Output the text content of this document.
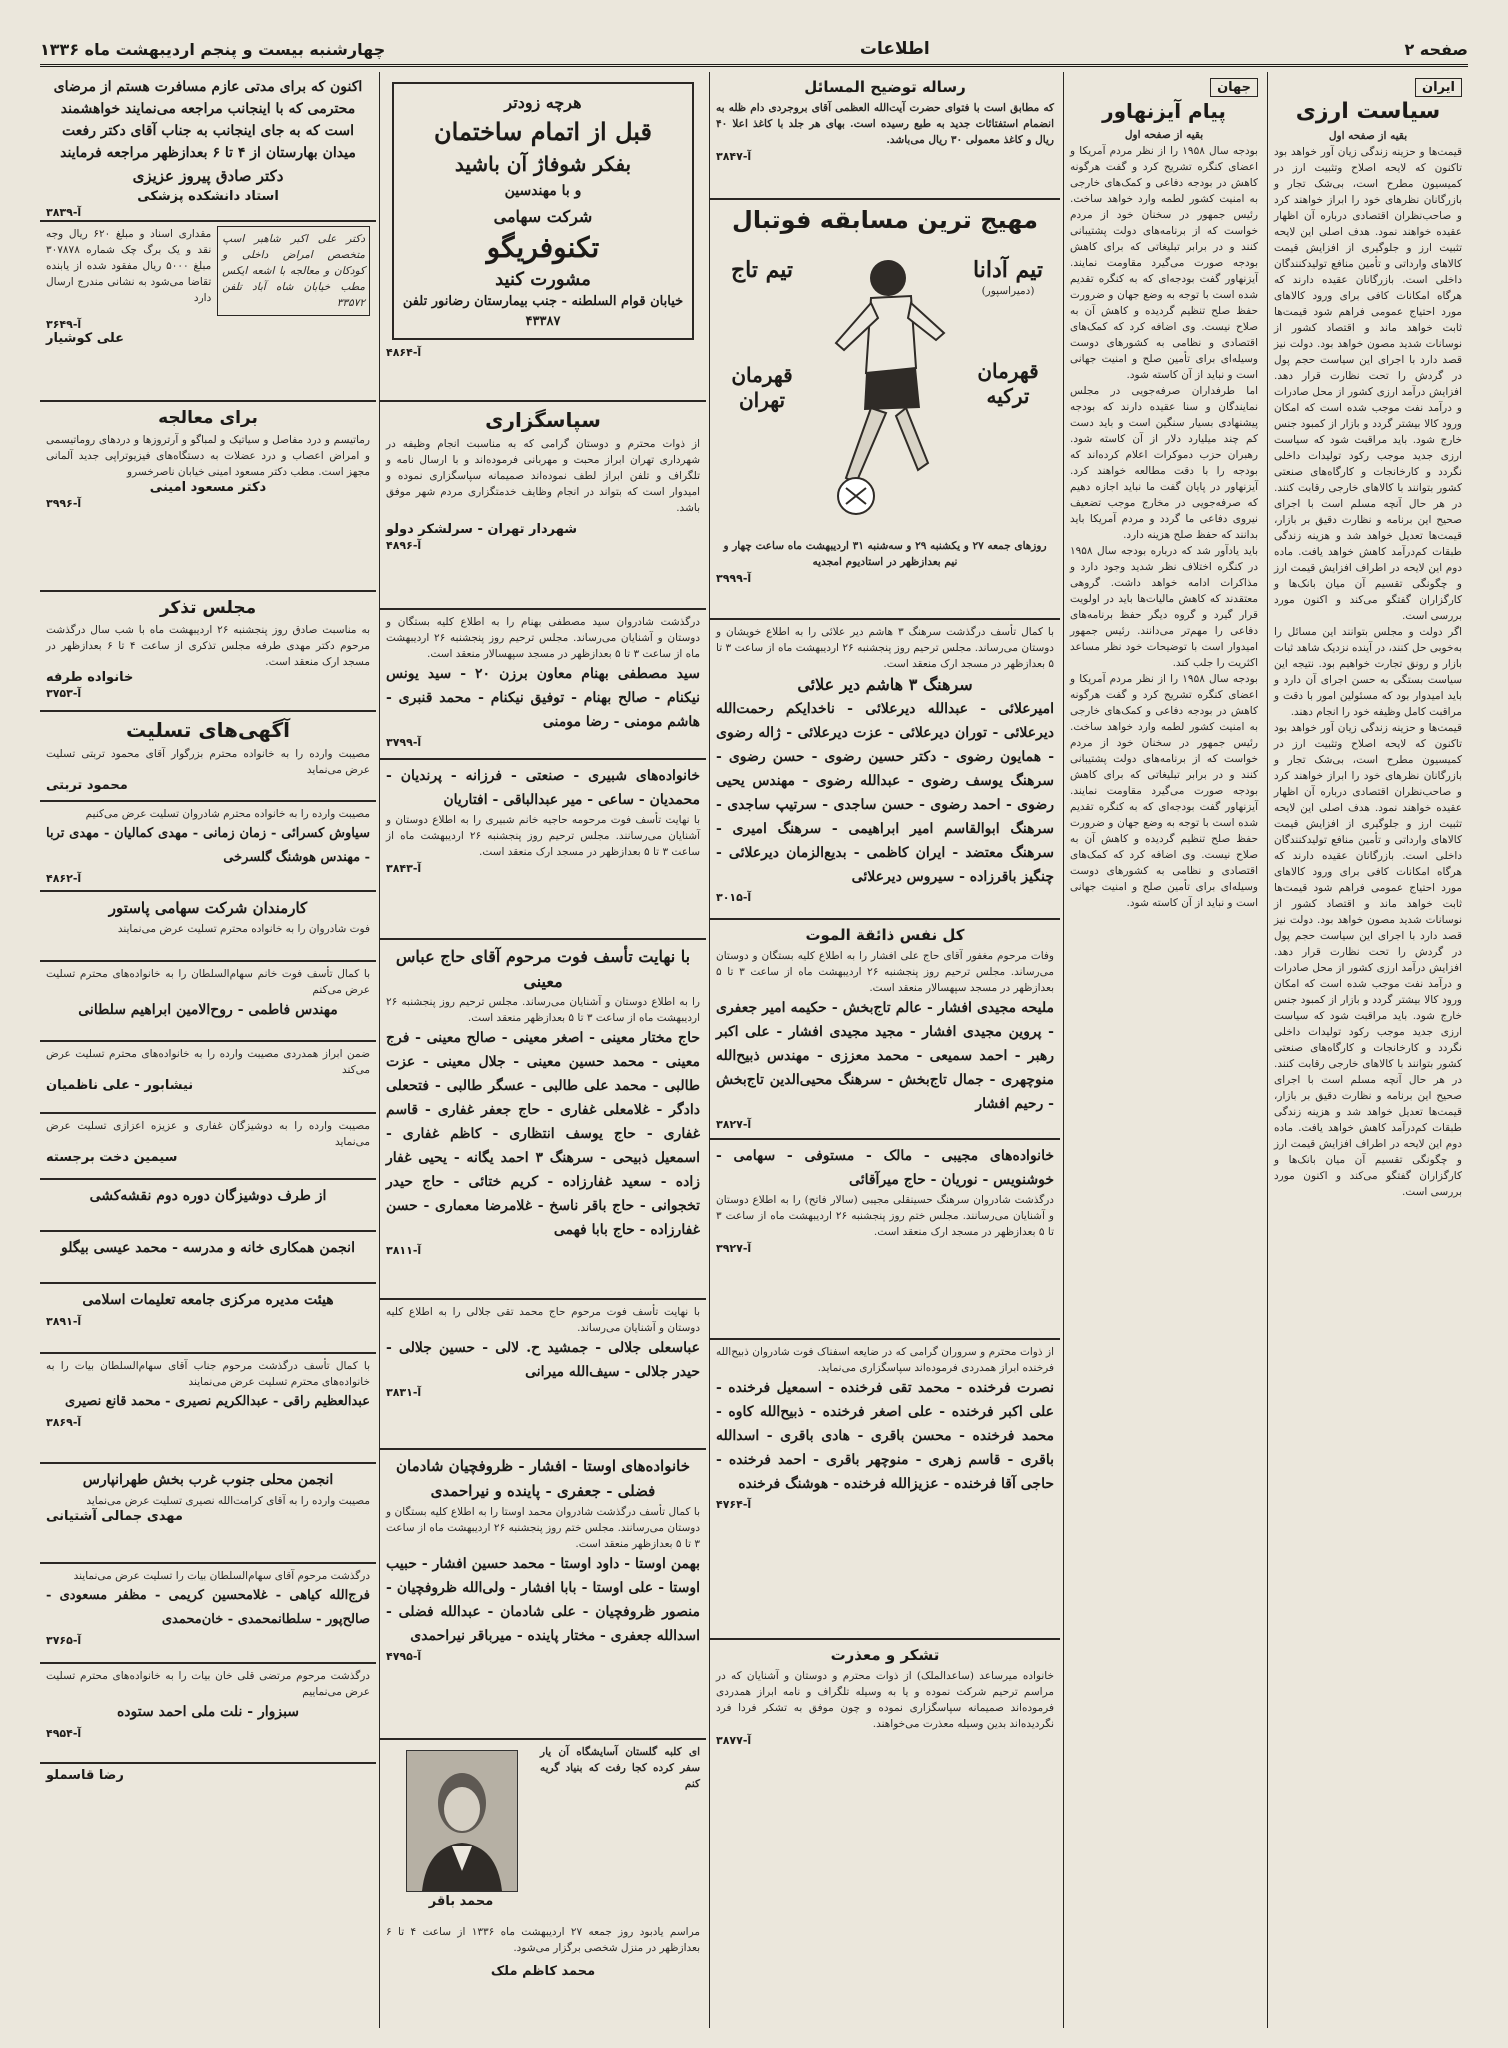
صفحه ۲
اطلاعات
چهارشنبه بیست و پنجم اردیبهشت ماه ۱۳۳۶
ایران
سیاست ارزی
بقیه از صفحه اول
قیمت‌ها و حزینه زندگی زیان آور خواهد بود تاکنون که لایحه اصلاح وتثبیت ارز در کمیسیون مطرح است، بی‌شک تجار و بازرگانان نظرهای خود را ابراز خواهند کرد و صاحب‌نظران اقتصادی درباره آن اظهار عقیده خواهند نمود. هدف اصلی این لایحه تثبیت ارز و جلوگیری از افزایش قیمت کالاهای وارداتی و تأمین منافع تولیدکنندگان داخلی است. بازرگانان عقیده دارند که هرگاه امکانات کافی برای ورود کالاهای مورد احتیاج عمومی فراهم شود قیمت‌ها ثابت خواهد ماند و اقتصاد کشور از نوسانات شدید مصون خواهد بود. دولت نیز قصد دارد با اجرای این سیاست حجم پول در گردش را تحت نظارت قرار دهد. افزایش درآمد ارزی کشور از محل صادرات و درآمد نفت موجب شده است که امکان ورود کالا بیشتر گردد و بازار از کمبود جنس خارج شود. باید مراقبت شود که سیاست ارزی جدید موجب رکود تولیدات داخلی نگردد و کارخانجات و کارگاه‌های صنعتی کشور بتوانند با کالاهای خارجی رقابت کنند. در هر حال آنچه مسلم است با اجرای صحیح این برنامه و نظارت دقیق بر بازار، قیمت‌ها تعدیل خواهد شد و هزینه زندگی طبقات کم‌درآمد کاهش خواهد یافت. ماده دوم این لایحه در اطراف افزایش قیمت ارز و چگونگی تقسیم آن میان بانک‌ها و کارگزاران گفتگو می‌کند و اکنون مورد بررسی است.
اگر دولت و مجلس بتوانند این مسائل را به‌خوبی حل کنند، در آینده نزدیک شاهد ثبات بازار و رونق تجارت خواهیم بود. نتیجه این سیاست بستگی به حسن اجرای آن دارد و باید امیدوار بود که مسئولین امور با دقت و مراقبت کامل وظیفه خود را انجام دهند.
قیمت‌ها و حزینه زندگی زیان آور خواهد بود تاکنون که لایحه اصلاح وتثبیت ارز در کمیسیون مطرح است، بی‌شک تجار و بازرگانان نظرهای خود را ابراز خواهند کرد و صاحب‌نظران اقتصادی درباره آن اظهار عقیده خواهند نمود. هدف اصلی این لایحه تثبیت ارز و جلوگیری از افزایش قیمت کالاهای وارداتی و تأمین منافع تولیدکنندگان داخلی است. بازرگانان عقیده دارند که هرگاه امکانات کافی برای ورود کالاهای مورد احتیاج عمومی فراهم شود قیمت‌ها ثابت خواهد ماند و اقتصاد کشور از نوسانات شدید مصون خواهد بود. دولت نیز قصد دارد با اجرای این سیاست حجم پول در گردش را تحت نظارت قرار دهد. افزایش درآمد ارزی کشور از محل صادرات و درآمد نفت موجب شده است که امکان ورود کالا بیشتر گردد و بازار از کمبود جنس خارج شود. باید مراقبت شود که سیاست ارزی جدید موجب رکود تولیدات داخلی نگردد و کارخانجات و کارگاه‌های صنعتی کشور بتوانند با کالاهای خارجی رقابت کنند. در هر حال آنچه مسلم است با اجرای صحیح این برنامه و نظارت دقیق بر بازار، قیمت‌ها تعدیل خواهد شد و هزینه زندگی طبقات کم‌درآمد کاهش خواهد یافت. ماده دوم این لایحه در اطراف افزایش قیمت ارز و چگونگی تقسیم آن میان بانک‌ها و کارگزاران گفتگو می‌کند و اکنون مورد بررسی است.
جهان
پیام آیزنهاور
بقیه از صفحه اول
بودجه سال ۱۹۵۸ را از نظر مردم آمریکا و اعضای کنگره تشریح کرد و گفت هرگونه کاهش در بودجه دفاعی و کمک‌های خارجی به امنیت کشور لطمه وارد خواهد ساخت. رئیس جمهور در سخنان خود از مردم خواست که از برنامه‌های دولت پشتیبانی کنند و در برابر تبلیغاتی که برای کاهش بودجه صورت می‌گیرد مقاومت نمایند. آیزنهاور گفت بودجه‌ای که به کنگره تقدیم شده است با توجه به وضع جهان و ضرورت حفظ صلح تنظیم گردیده و کاهش آن به صلاح نیست. وی اضافه کرد که کمک‌های اقتصادی و نظامی به کشورهای دوست وسیله‌ای برای تأمین صلح و امنیت جهانی است و نباید از آن کاسته شود.
اما طرفداران صرفه‌جویی در مجلس نمایندگان و سنا عقیده دارند که بودجه پیشنهادی بسیار سنگین است و باید دست کم چند میلیارد دلار از آن کاسته شود. رهبران حزب دموکرات اعلام کرده‌اند که بودجه را با دقت مطالعه خواهند کرد. آیزنهاور در پایان گفت ما نباید اجازه دهیم که صرفه‌جویی در مخارج موجب تضعیف نیروی دفاعی ما گردد و مردم آمریکا باید بدانند که حفظ صلح هزینه دارد.
باید یادآور شد که درباره بودجه سال ۱۹۵۸ در کنگره اختلاف نظر شدید وجود دارد و مذاکرات ادامه خواهد داشت. گروهی معتقدند که کاهش مالیات‌ها باید در اولویت قرار گیرد و گروه دیگر حفظ برنامه‌های دفاعی را مهم‌تر می‌دانند. رئیس جمهور امیدوار است با توضیحات خود نظر مساعد اکثریت را جلب کند.
بودجه سال ۱۹۵۸ را از نظر مردم آمریکا و اعضای کنگره تشریح کرد و گفت هرگونه کاهش در بودجه دفاعی و کمک‌های خارجی به امنیت کشور لطمه وارد خواهد ساخت. رئیس جمهور در سخنان خود از مردم خواست که از برنامه‌های دولت پشتیبانی کنند و در برابر تبلیغاتی که برای کاهش بودجه صورت می‌گیرد مقاومت نمایند. آیزنهاور گفت بودجه‌ای که به کنگره تقدیم شده است با توجه به وضع جهان و ضرورت حفظ صلح تنظیم گردیده و کاهش آن به صلاح نیست. وی اضافه کرد که کمک‌های اقتصادی و نظامی به کشورهای دوست وسیله‌ای برای تأمین صلح و امنیت جهانی است و نباید از آن کاسته شود.
رساله توضیح المسائل
که مطابق است با فتوای حضرت آیت‌الله العظمی آقای بروجردی دام ظله به انضمام استفتائات جدید به طبع رسیده است. بهای هر جلد با کاغذ اعلا ۴۰ ریال و کاغذ معمولی ۳۰ ریال می‌باشد.
آ-۳۸۴۷
مهیج ترین مسابقه فوتبال
تیم آدانا
(دمیراسپور)
قهرمان ترکیه
تیم تاج
قهرمان تهران
روزهای جمعه ۲۷ و یکشنبه ۲۹ و سه‌شنبه ۳۱ اردیبهشت ماه ساعت چهار و نیم بعدازظهر در استادیوم امجدیه
آ-۳۹۹۹
با کمال تأسف درگذشت سرهنگ ۳ هاشم دیر علائی را به اطلاع خویشان و دوستان می‌رساند. مجلس ترحیم روز پنجشنبه ۲۶ اردیبهشت ماه از ساعت ۳ تا ۵ بعدازظهر در مسجد ارک منعقد است.
سرهنگ ۳ هاشم دیر علائی
امیرعلائی - عبدالله دیرعلائی - ناخدایکم رحمت‌الله دیرعلائی - توران دیرعلائی - عزت دیرعلائی - ژاله رضوی - همایون رضوی - دکتر حسین رضوی - حسن رضوی - سرهنگ یوسف رضوی - عبدالله رضوی - مهندس یحیی رضوی - احمد رضوی - حسن ساجدی - سرتیپ ساجدی - سرهنگ ابوالقاسم امیر ابراهیمی - سرهنگ امیری - سرهنگ معتضد - ایران کاظمی - بدیع‌الزمان دیرعلائی - چنگیز باقرزاده - سیروس دیرعلائی
آ-۳۰۱۵
کل نفس ذائقة الموت
وفات مرحوم مغفور آقای حاج علی افشار را به اطلاع کلیه بستگان و دوستان می‌رساند. مجلس ترحیم روز پنجشنبه ۲۶ اردیبهشت ماه از ساعت ۳ تا ۵ بعدازظهر در مسجد سپهسالار منعقد است.
ملیحه مجیدی افشار - عالم تاج‌بخش - حکیمه امیر جعفری - پروین مجیدی افشار - مجید مجیدی افشار - علی اکبر رهبر - احمد سمیعی - محمد معززی - مهندس ذبیح‌الله منوچهری - جمال تاج‌بخش - سرهنگ محیی‌الدین تاج‌بخش - رحیم افشار
آ-۳۸۲۷
خانواده‌های مجیبی - مالک - مستوفی - سهامی - خوشنویس - نوریان - حاج میرآقائی
درگذشت شادروان سرهنگ حسینقلی مجیبی (سالار فاتح) را به اطلاع دوستان و آشنایان می‌رسانند. مجلس ختم روز پنجشنبه ۲۶ اردیبهشت ماه از ساعت ۳ تا ۵ بعدازظهر در مسجد ارک منعقد است.
آ-۳۹۲۷
از ذوات محترم و سروران گرامی که در ضایعه اسفناک فوت شادروان ذبیح‌الله فرخنده ابراز همدردی فرموده‌اند سپاسگزاری می‌نماید.
نصرت فرخنده - محمد تقی فرخنده - اسمعیل فرخنده - علی اکبر فرخنده - علی اصغر فرخنده - ذبیح‌الله کاوه - محمد فرخنده - محسن باقری - هادی باقری - اسدالله باقری - قاسم زهری - منوچهر باقری - احمد فرخنده - حاجی آقا فرخنده - عزیزالله فرخنده - هوشنگ فرخنده
آ-۴۷۶۴
تشکر و معذرت
خانواده میرساعد (ساعدالملک) از ذوات محترم و دوستان و آشنایان که در مراسم ترحیم شرکت نموده و یا به وسیله تلگراف و نامه ابراز همدردی فرموده‌اند صمیمانه سپاسگزاری نموده و چون موفق به تشکر فردا فرد نگردیده‌اند بدین وسیله معذرت می‌خواهند.
آ-۳۸۷۷
هرچه زودتر
قبل از اتمام ساختمان
بفکر شوفاژ آن باشید
و با مهندسین
شرکت سهامی
تکنوفریگو
مشورت کنید
خیابان قوام السلطنه - جنب بیمارستان رضانور تلفن ۴۳۳۸۷
آ-۴۸۶۴
سپاسگزاری
از ذوات محترم و دوستان گرامی که به مناسبت انجام وظیفه در شهرداری تهران ابراز محبت و مهربانی فرموده‌اند و با ارسال نامه و تلگراف و تلفن ابراز لطف نموده‌اند صمیمانه سپاسگزاری نموده و امیدوار است که بتواند در انجام وظایف خدمتگزاری مردم شهر موفق باشد.
شهردار تهران - سرلشکر دولو
آ-۴۸۹۶
درگذشت شادروان سید مصطفی بهنام را به اطلاع کلیه بستگان و دوستان و آشنایان می‌رساند. مجلس ترحیم روز پنجشنبه ۲۶ اردیبهشت ماه از ساعت ۳ تا ۵ بعدازظهر در مسجد سپهسالار منعقد است.
سید مصطفی بهنام معاون برزن ۲۰ - سید یونس نیکنام - صالح بهنام - توفیق نیکنام - محمد قنبری - هاشم مومنی - رضا مومنی
آ-۳۷۹۹
خانواده‌های شبیری - صنعتی - فرزانه - پرندیان - محمدیان - ساعی - میر عبدالباقی - افتاریان
با نهایت تأسف فوت مرحومه حاجیه خانم شبیری را به اطلاع دوستان و آشنایان می‌رسانند. مجلس ترحیم روز پنجشنبه ۲۶ اردیبهشت ماه از ساعت ۳ تا ۵ بعدازظهر در مسجد ارک منعقد است.
آ-۳۸۴۳
با نهایت تأسف فوت مرحوم آقای حاج عباس معینی
را به اطلاع دوستان و آشنایان می‌رساند. مجلس ترحیم روز پنجشنبه ۲۶ اردیبهشت ماه از ساعت ۳ تا ۵ بعدازظهر منعقد است.
حاج مختار معینی - اصغر معینی - صالح معینی - فرج معینی - محمد حسین معینی - جلال معینی - عزت طالبی - محمد علی طالبی - عسگر طالبی - فتحعلی دادگر - غلامعلی غفاری - حاج جعفر غفاری - قاسم غفاری - حاج یوسف انتظاری - کاظم غفاری - اسمعیل ذبیحی - سرهنگ ۳ احمد یگانه - یحیی غفار زاده - سعید غفارزاده - کریم ختائی - حاج حیدر تخجوانی - حاج باقر ناسخ - غلامرضا معماری - حسن غفارزاده - حاج بابا فهمی
آ-۳۸۱۱
با نهایت تأسف فوت مرحوم حاج محمد تقی جلالی را به اطلاع کلیه دوستان و آشنایان می‌رساند.
عباسعلی جلالی - جمشید ح. لالی - حسین جلالی - حیدر جلالی - سیف‌الله میرانی
آ-۳۸۳۱
خانواده‌های اوستا - افشار - ظروفچیان شادمان فضلی - جعفری - پاینده و نیراحمدی
با کمال تأسف درگذشت شادروان محمد اوستا را به اطلاع کلیه بستگان و دوستان می‌رسانند. مجلس ختم روز پنجشنبه ۲۶ اردیبهشت ماه از ساعت ۳ تا ۵ بعدازظهر منعقد است.
بهمن اوستا - داود اوستا - محمد حسین افشار - حبیب اوستا - علی اوستا - بابا افشار - ولی‌الله ظروفچیان - منصور ظروفچیان - علی شادمان - عبدالله فضلی - اسدالله جعفری - مختار پاینده - میرباقر نیراحمدی
آ-۴۷۹۵
ای کلبه گلستان آسایشگاه آن یار سفر کرده کجا رفت که بنیاد گریه کنم
محمد باقر
مراسم یادبود روز جمعه ۲۷ اردیبهشت ماه ۱۳۳۶ از ساعت ۴ تا ۶ بعدازظهر در منزل شخصی برگزار می‌شود.
محمد کاظم ملک
اکنون که برای مدتی عازم مسافرت هستم از مرضای محترمی که با اینجانب مراجعه می‌نمایند خواهشمند است که به جای اینجانب به جناب آقای دکتر رفعت میدان بهارستان از ۴ تا ۶ بعدازظهر مراجعه فرمایند
دکتر صادق پیروز عزیزی
استاد دانشکده پزشکی
آ-۳۸۳۹
دکتر علی اکبر شاهبر اسپ متخصص امراض داخلی و کودکان و معالجه با اشعه ایکس مطب خیابان شاه آباد تلفن ۳۳۵۷۲
مقداری اسناد و مبلغ ۶۲۰ ریال وجه نقد و یک برگ چک شماره ۳۰۷۸۷۸ مبلغ ۵۰۰۰ ریال مفقود شده از یابنده تقاضا می‌شود به نشانی مندرج ارسال دارد
آ-۳۶۴۹
علی کوشیار
برای معالجه
رماتیسم و درد مفاصل و سیاتیک و لمباگو و آرتروزها و دردهای روماتیسمی و امراض اعصاب و درد عضلات به دستگاه‌های فیزیوتراپی جدید آلمانی مجهز است. مطب دکتر مسعود امینی خیابان ناصرخسرو
دکتر مسعود امینی
آ-۳۹۹۶
مجلس تذکر
به مناسبت صادق روز پنجشنبه ۲۶ اردیبهشت ماه با شب سال درگذشت مرحوم دکتر مهدی طرفه مجلس تذکری از ساعت ۴ تا ۶ بعدازظهر در مسجد ارک منعقد است.
خانواده طرفه
آ-۳۷۵۳
آگهی‌های تسلیت
مصیبت وارده را به خانواده محترم بزرگوار آقای محمود تربتی تسلیت عرض می‌نماید
محمود تربتی
مصیبت وارده را به خانواده محترم شادروان تسلیت عرض می‌کنیم
سیاوش کسرائی - زمان زمانی - مهدی کمالیان - مهدی تربا - مهندس هوشنگ گلسرخی
آ-۴۸۶۲
کارمندان شرکت سهامی پاستور
فوت شادروان را به خانواده محترم تسلیت عرض می‌نمایند
با کمال تأسف فوت خانم سهام‌السلطان را به خانواده‌های محترم تسلیت عرض می‌کنم
مهندس فاطمی - روح‌الامین ابراهیم سلطانی
ضمن ابراز همدردی مصیبت وارده را به خانواده‌های محترم تسلیت عرض می‌کند
نیشابور - علی ناظمیان
مصیبت وارده را به دوشیزگان غفاری و عزیزه اعزازی تسلیت عرض می‌نماید
سیمین دخت برجسته
از طرف دوشیزگان دوره دوم نقشه‌کشی
انجمن همکاری خانه و مدرسه - محمد عیسی بیگلو
هیئت مدیره مرکزی جامعه تعلیمات اسلامی
آ-۳۸۹۱
با کمال تأسف درگذشت مرحوم جناب آقای سهام‌السلطان بیات را به خانواده‌های محترم تسلیت عرض می‌نمایند
عبدالعظیم راقی - عبدالکریم نصیری - محمد قانع نصیری
آ-۳۸۶۹
انجمن محلی جنوب غرب بخش طهرانپارس
مصیبت وارده را به آقای کرامت‌الله نصیری تسلیت عرض می‌نماید
مهدی جمالی آشتیانی
درگذشت مرحوم آقای سهام‌السلطان بیات را تسلیت عرض می‌نمایند
فرج‌الله کیاهی - غلامحسین کریمی - مظفر مسعودی - صالح‌پور - سلطانمحمدی - خان‌محمدی
آ-۳۷۶۵
درگذشت مرحوم مرتضی قلی خان بیات را به خانواده‌های محترم تسلیت عرض می‌نماییم
سبزوار - نلت ملی احمد ستوده
آ-۴۹۵۴
رضا قاسملو
